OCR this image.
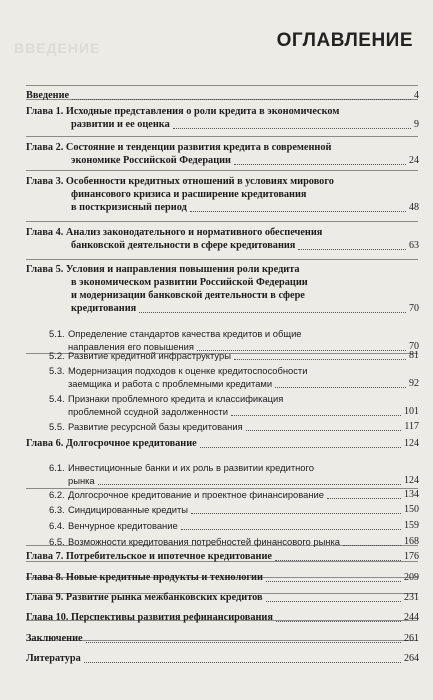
ВВЕДЕНИЕ	ОГЛАВЛЕНИЕ
Введение	4
Глава 1. Исходные представления о роли кредита в экономическом
развитии и ее оценка	9
Глава 2. Состояние и тенденции развития кредита в современной
экономике Российской Федерации	24
Глава 3. Особенности кредитных отношений в условиях мирового
финансового кризиса и расширение кредитования
в посткризисный период	48
Глава 4. Анализ законодательного и нормативного обеспечения
банковской деятельности в сфере кредитования	63
Глава 5. Условия и направления повышения роли кредита
в экономическом развитии Российской Федерации
и модернизации банковской деятельности в сфере
кредитования	70
5.1. Определение стандартов качества кредитов и общие
направления его повышения	70
5.2. Развитие кредитной инфраструктуры	81
5.3. Модернизация подходов к оценке кредитоспособности
заемщика и работа с проблемными кредитами	92
5.4. Признаки проблемного кредита и классификация
проблемной ссудной задолженности	101
5.5. Развитие ресурсной базы кредитования	117
Глава 6. Долгосрочное кредитование	124
6.1. Инвестиционные банки и их роль в развитии кредитного
рынка	124
6.2. Долгосрочное кредитование и проектное финансирование	134
6.3. Синдицированные кредиты	150
6.4. Венчурное кредитование	159
6.5. Возможности кредитования потребностей финансового рынка	168
Глава 7. Потребительское и ипотечное кредитование	176
Глава 8. Новые кредитные продукты и технологии	209
Глава 9. Развитие рынка межбанковских кредитов	231
Глава 10. Перспективы развития рефинансирования	244
Заключение	261
Литература	264
